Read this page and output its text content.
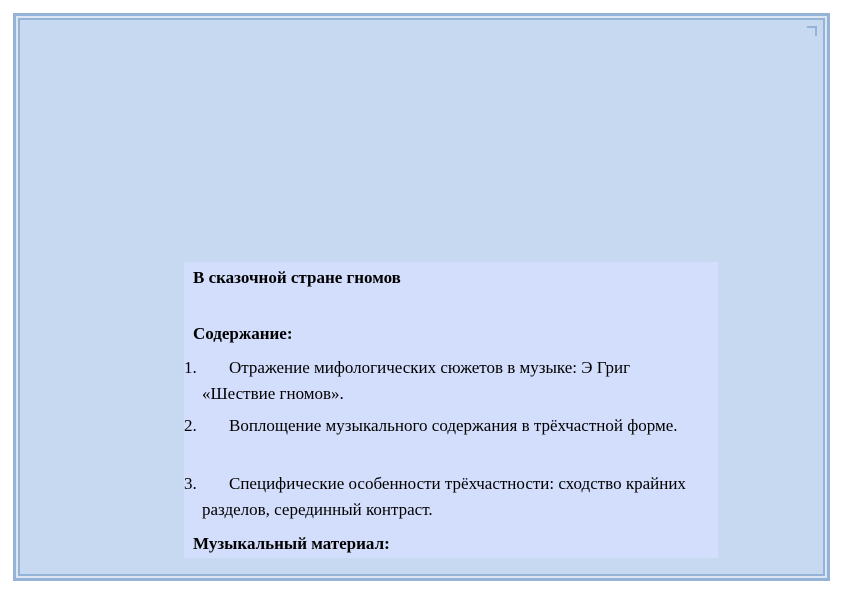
В сказочной стране гномов
Содержание:
1.	Отражение мифологических сюжетов в музыке: Э Григ «Шествие гномов».
2.	Воплощение музыкального содержания в трёхчастной форме.
3.	Специфические особенности трёхчастности: сходство крайних разделов, серединный контраст.
Музыкальный материал:
